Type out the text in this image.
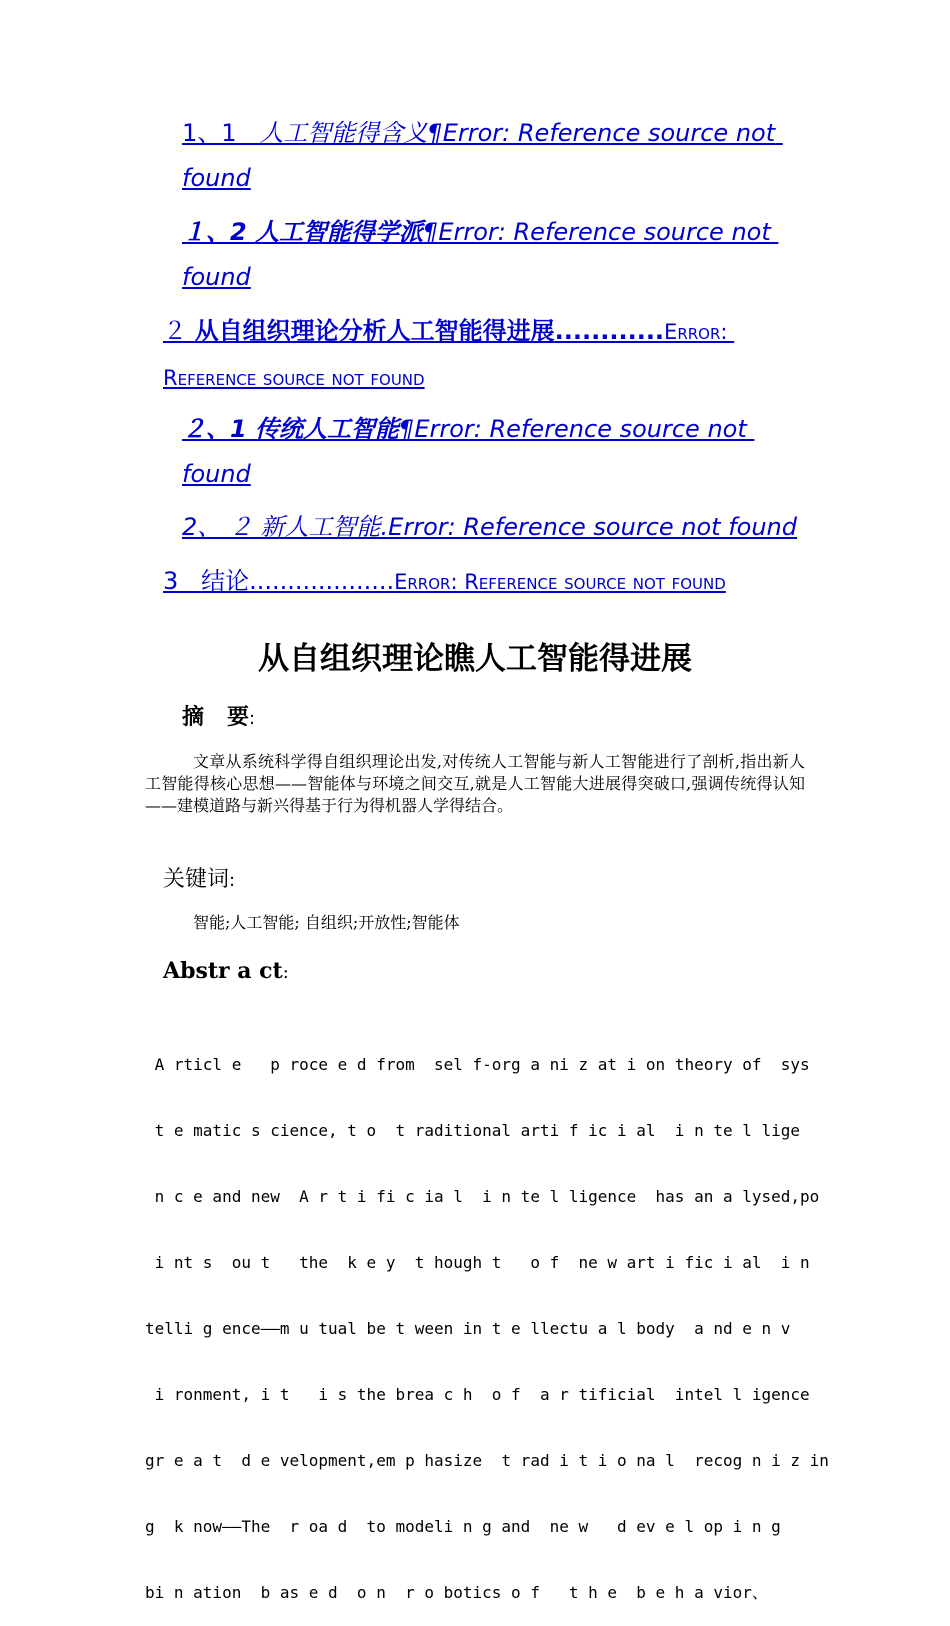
1、1   人工智能得含义¶Error: Reference source not found
１、2 人工智能得学派¶Error: Reference source not found
２ 从自组织理论分析人工智能得进展............Error: Reference source not found
２、1 传统人工智能¶Error: Reference source not found
2、 ２ 新人工智能.Error: Reference source not found
3   结论...................Error: Reference source not found
从自组织理论瞧人工智能得进展
摘   要:
文章从系统科学得自组织理论出发,对传统人工智能与新人工智能进行了剖析,指出新人工智能得核心思想——智能体与环境之间交互,就是人工智能大进展得突破口,强调传统得认知——建模道路与新兴得基于行为得机器人学得结合。
关键词:
智能;人工智能; 自组织;开放性;智能体
Abstr a ct:

A rticl e   p roce e d from  sel f-org a ni z at i on theory of  sys

t e matic s cience, t o  t raditional arti f ic i al  i n te l lige

n c e and new  A r t i fi c ia l  i n te l ligence  has an a lysed,po

i nt s  ou t   the  k e y  t hough t   o f  ne w art i fic i al  i n

telli g ence——m u tual be t ween in t e llectu a l body  a nd e n v

i ronment, i t   i s the brea c h  o f  a r tificial  intel l igence

gr e a t  d e velopment,em p hasize  t rad i t i o na l  recog n i z in

g  k now——The  r oa d  to modeli n g and  ne w   d ev e l op i n g

bi n ation  b as e d  o n  r o botics o f   t h e  b e h a vior、
